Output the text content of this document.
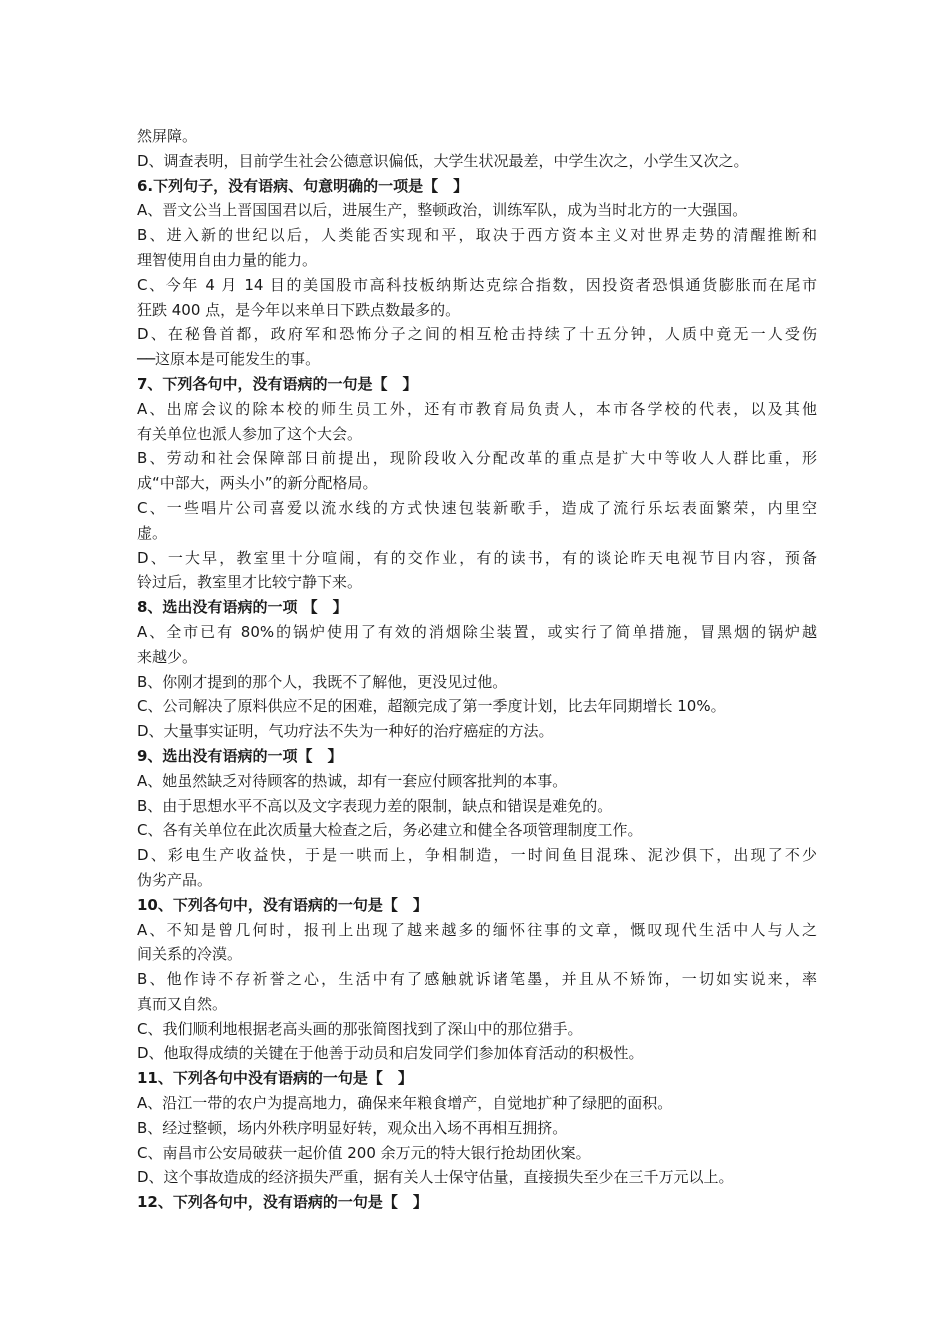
然屏障。
D、调查表明，目前学生社会公德意识偏低，大学生状况最差，中学生次之，小学生又次之。
6.下列句子，没有语病、句意明确的一项是【　】
A、晋文公当上晋国国君以后，进展生产，整顿政治，训练军队，成为当时北方的一大强国。
B、进入新的世纪以后，人类能否实现和平，取决于西方资本主义对世界走势的清醒推断和
理智使用自由力量的能力。
C、今年 4 月 14 目的美国股市高科技板纳斯达克综合指数，因投资者恐惧通货膨胀而在尾市
狂跌 400 点，是今年以来单日下跌点数最多的。
D、在秘鲁首都，政府军和恐怖分子之间的相互枪击持续了十五分钟，人质中竟无一人受伤
──这原本是可能发生的事。
7、下列各句中，没有语病的一句是【　】
A、出席会议的除本校的师生员工外，还有市教育局负责人，本市各学校的代表，以及其他
有关单位也派人参加了这个大会。
B、劳动和社会保障部日前提出，现阶段收入分配改革的重点是扩大中等收人人群比重，形
成“中部大，两头小”的新分配格局。
C、一些唱片公司喜爱以流水线的方式快速包装新歌手，造成了流行乐坛表面繁荣，内里空
虚。
D、一大早，教室里十分喧闹，有的交作业，有的读书，有的谈论昨天电视节目内容，预备
铃过后，教室里才比较宁静下来。
8、选出没有语病的一项 【　】
A、全市已有 80%的锅炉使用了有效的消烟除尘装置，或实行了简单措施，冒黑烟的锅炉越
来越少。
B、你刚才提到的那个人，我既不了解他，更没见过他。
C、公司解决了原料供应不足的困难，超额完成了第一季度计划，比去年同期增长 10%。
D、大量事实证明，气功疗法不失为一种好的治疗癌症的方法。
9、选出没有语病的一项【　】
A、她虽然缺乏对待顾客的热诚，却有一套应付顾客批判的本事。
B、由于思想水平不高以及文字表现力差的限制，缺点和错误是难免的。
C、各有关单位在此次质量大检查之后，务必建立和健全各项管理制度工作。
D、彩电生产收益快，于是一哄而上，争相制造，一时间鱼目混珠、泥沙俱下，出现了不少
伪劣产品。
10、下列各句中，没有语病的一句是【　】
A、不知是曾几何时，报刊上出现了越来越多的缅怀往事的文章，慨叹现代生活中人与人之
间关系的冷漠。
B、他作诗不存祈誉之心，生活中有了感触就诉诸笔墨，并且从不矫饰，一切如实说来，率
真而又自然。
C、我们顺利地根据老高头画的那张简图找到了深山中的那位猎手。
D、他取得成绩的关键在于他善于动员和启发同学们参加体育活动的积极性。
11、下列各句中没有语病的一句是【　】
A、沿江一带的农户为提高地力，确保来年粮食增产，自觉地扩种了绿肥的面积。
B、经过整顿，场内外秩序明显好转，观众出入场不再相互拥挤。
C、南昌市公安局破获一起价值 200 余万元的特大银行抢劫团伙案。
D、这个事故造成的经济损失严重，据有关人士保守估量，直接损失至少在三千万元以上。
12、下列各句中，没有语病的一句是【　】
